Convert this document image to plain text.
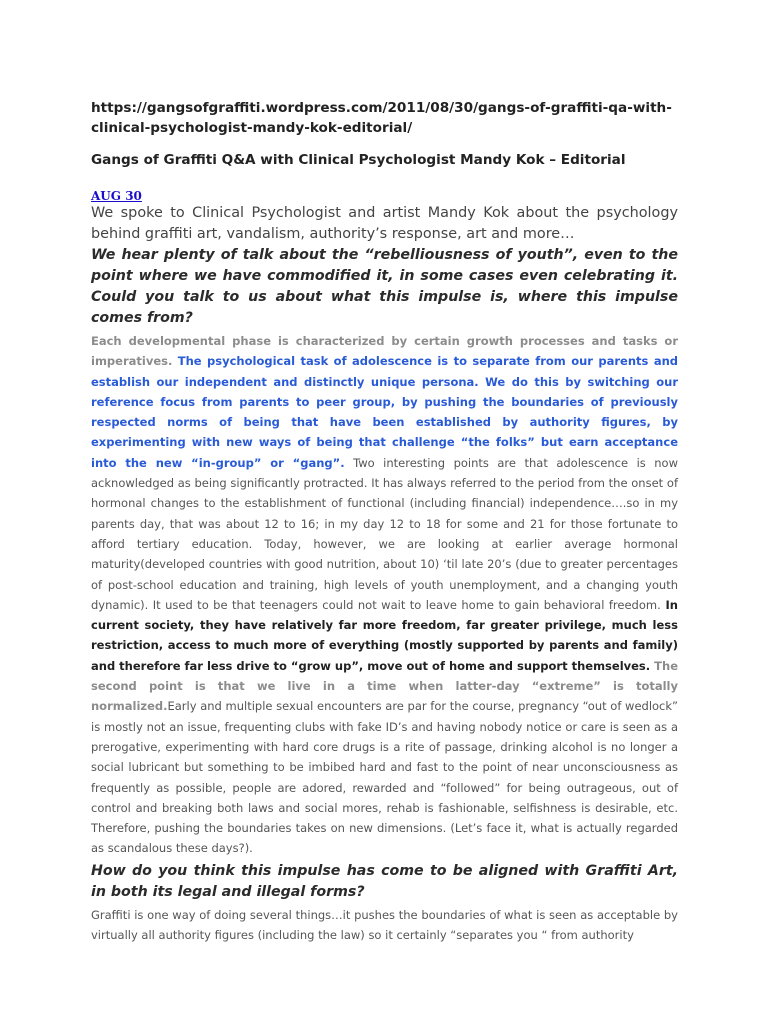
https://gangsofgraffiti.wordpress.com/2011/08/30/gangs-of-graffiti-qa-with-clinical-psychologist-mandy-kok-editorial/

Gangs of Graffiti Q&A with Clinical Psychologist Mandy Kok – Editorial

AUG 30

We spoke to Clinical Psychologist and artist Mandy Kok about the psychology behind graffiti art, vandalism, authority’s response, art and more…

We hear plenty of talk about the “rebelliousness of youth”, even to the point where we have commodified it, in some cases even celebrating it. Could you talk to us about what this impulse is, where this impulse comes from?

Each developmental phase is characterized by certain growth processes and tasks or imperatives. The psychological task of adolescence is to separate from our parents and establish our independent and distinctly unique persona. We do this by switching our reference focus from parents to peer group, by pushing the boundaries of previously respected norms of being that have been established by authority figures, by experimenting with new ways of being that challenge “the folks” but earn acceptance into the new “in-group” or “gang”. Two interesting points are that adolescence is now acknowledged as being significantly protracted. It has always referred to the period from the onset of hormonal changes to the establishment of functional (including financial) independence….so in my parents day, that was about 12 to 16; in my day 12 to 18 for some and 21 for those fortunate to afford tertiary education. Today, however, we are looking at earlier average hormonal maturity(developed countries with good nutrition, about 10) ‘til late 20’s (due to greater percentages of post-school education and training, high levels of youth unemployment, and a changing youth dynamic). It used to be that teenagers could not wait to leave home to gain behavioral freedom. In current society, they have relatively far more freedom, far greater privilege, much less restriction, access to much more of everything (mostly supported by parents and family) and therefore far less drive to “grow up”, move out of home and support themselves. The second point is that we live in a time when latter-day “extreme” is totally normalized.Early and multiple sexual encounters are par for the course, pregnancy “out of wedlock” is mostly not an issue, frequenting clubs with fake ID’s and having nobody notice or care is seen as a prerogative, experimenting with hard core drugs is a rite of passage, drinking alcohol is no longer a social lubricant but something to be imbibed hard and fast to the point of near unconsciousness as frequently as possible, people are adored, rewarded and “followed” for being outrageous, out of control and breaking both laws and social mores, rehab is fashionable, selfishness is desirable, etc. Therefore, pushing the boundaries takes on new dimensions. (Let’s face it, what is actually regarded as scandalous these days?).

How do you think this impulse has come to be aligned with Graffiti Art, in both its legal and illegal forms?

Graffiti is one way of doing several things…it pushes the boundaries of what is seen as acceptable by virtually all authority figures (including the law) so it certainly “separates you “ from authority
